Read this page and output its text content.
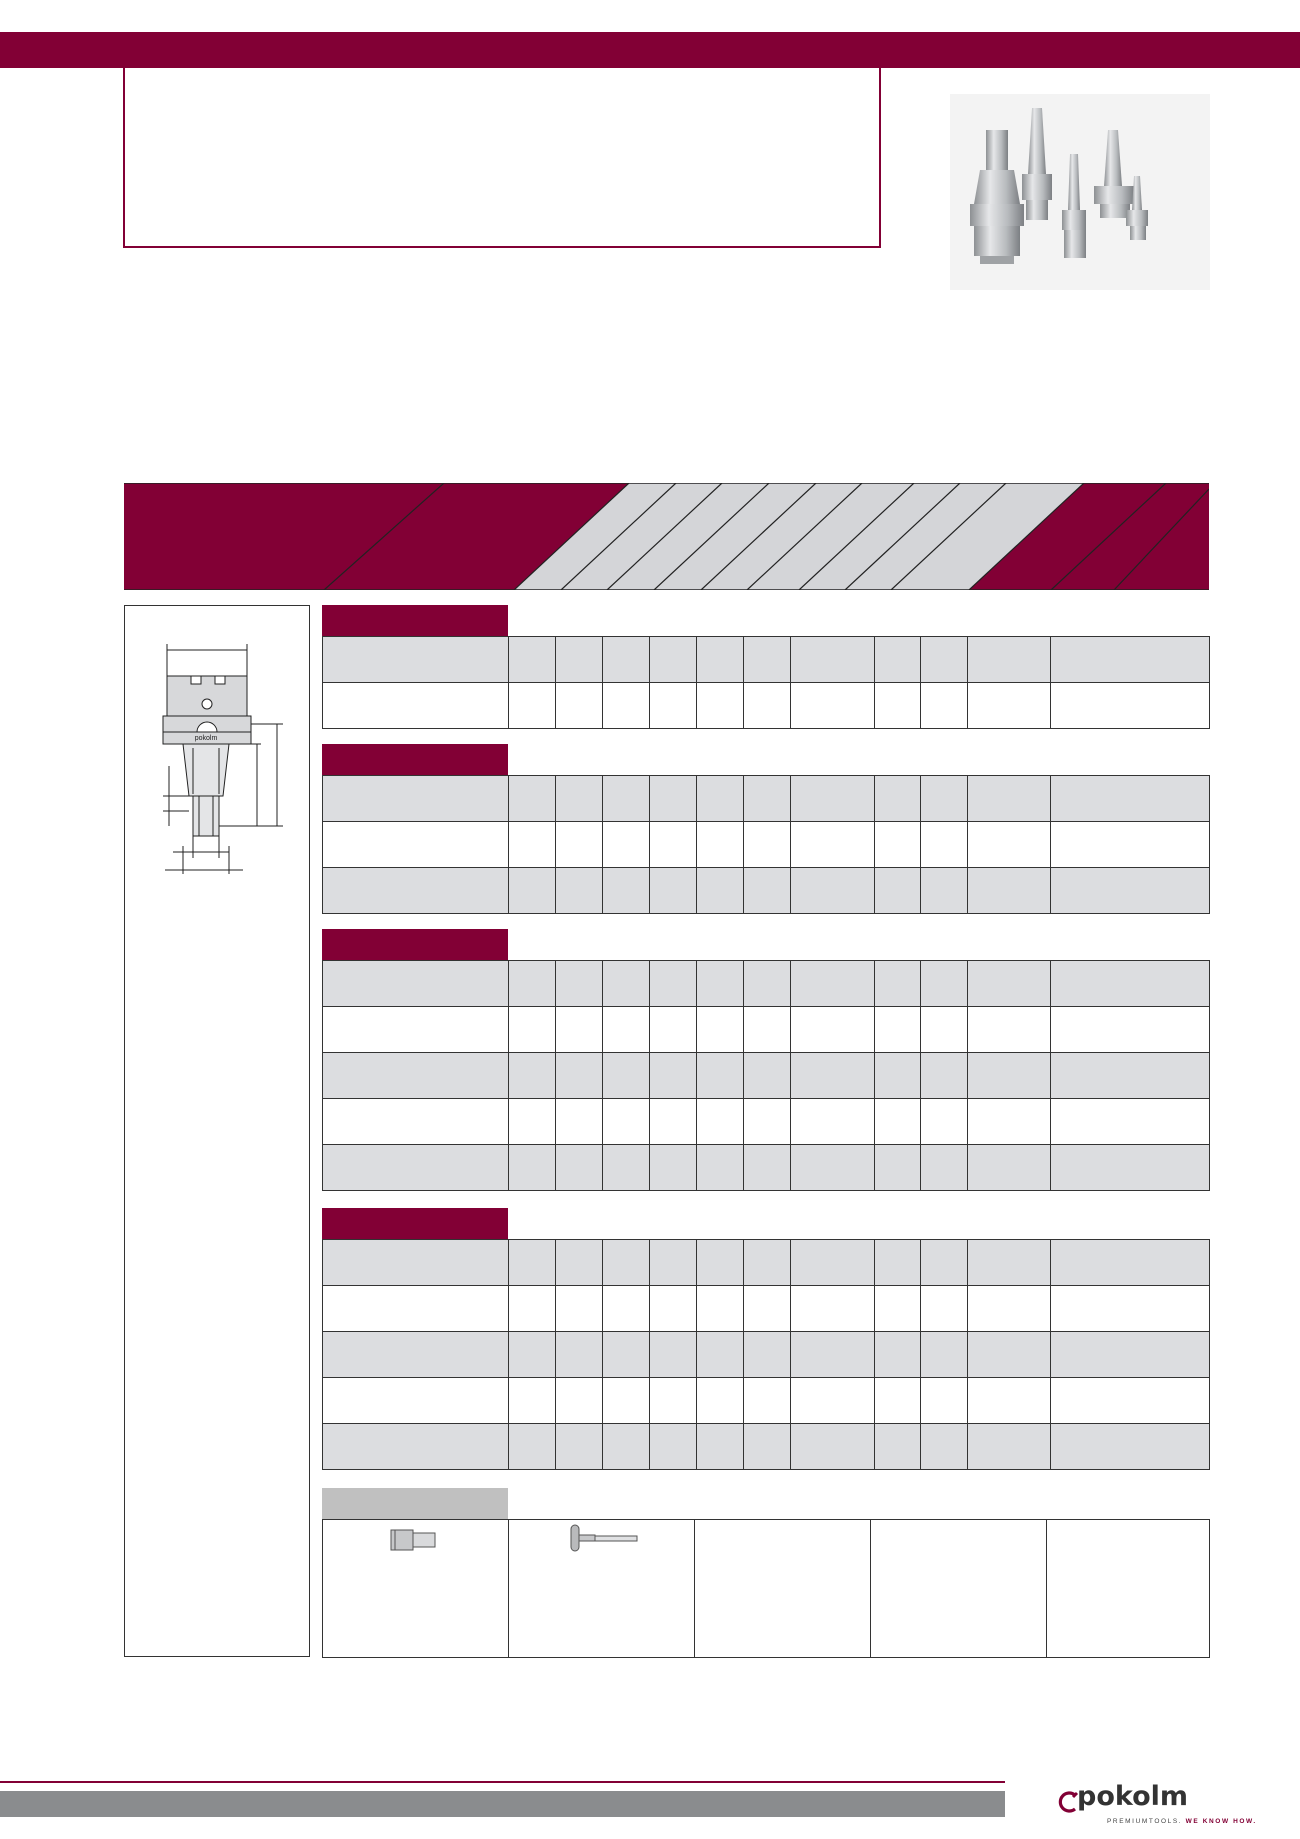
pokolm

pokolm
PREMIUMTOOLS. WE KNOW HOW.
